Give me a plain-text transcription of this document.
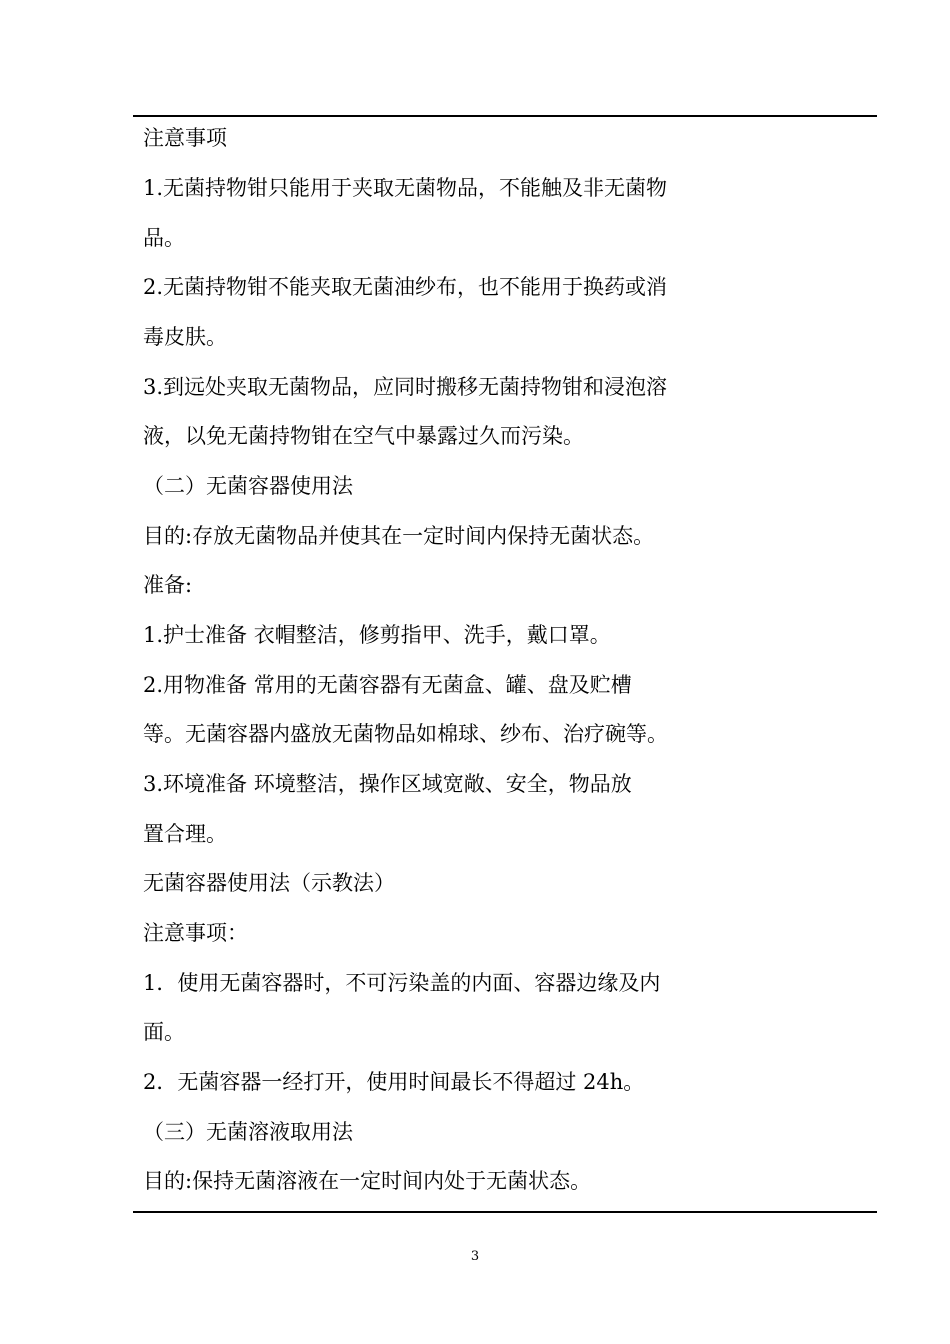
注意事项
1.无菌持物钳只能用于夹取无菌物品，不能触及非无菌物
品。
2.无菌持物钳不能夹取无菌油纱布，也不能用于换药或消
毒皮肤。
3.到远处夹取无菌物品，应同时搬移无菌持物钳和浸泡溶
液，以免无菌持物钳在空气中暴露过久而污染。
（二）无菌容器使用法
目的:存放无菌物品并使其在一定时间内保持无菌状态。
准备:
1.护士准备 衣帽整洁，修剪指甲、洗手，戴口罩。
2.用物准备 常用的无菌容器有无菌盒、罐、盘及贮槽
等。无菌容器内盛放无菌物品如棉球、纱布、治疗碗等。
3.环境准备 环境整洁，操作区域宽敞、安全，物品放
置合理。
无菌容器使用法（示教法）
注意事项：
1．使用无菌容器时，不可污染盖的内面、容器边缘及内
面。
2．无菌容器一经打开，使用时间最长不得超过 24h。
（三）无菌溶液取用法
目的:保持无菌溶液在一定时间内处于无菌状态。
3
